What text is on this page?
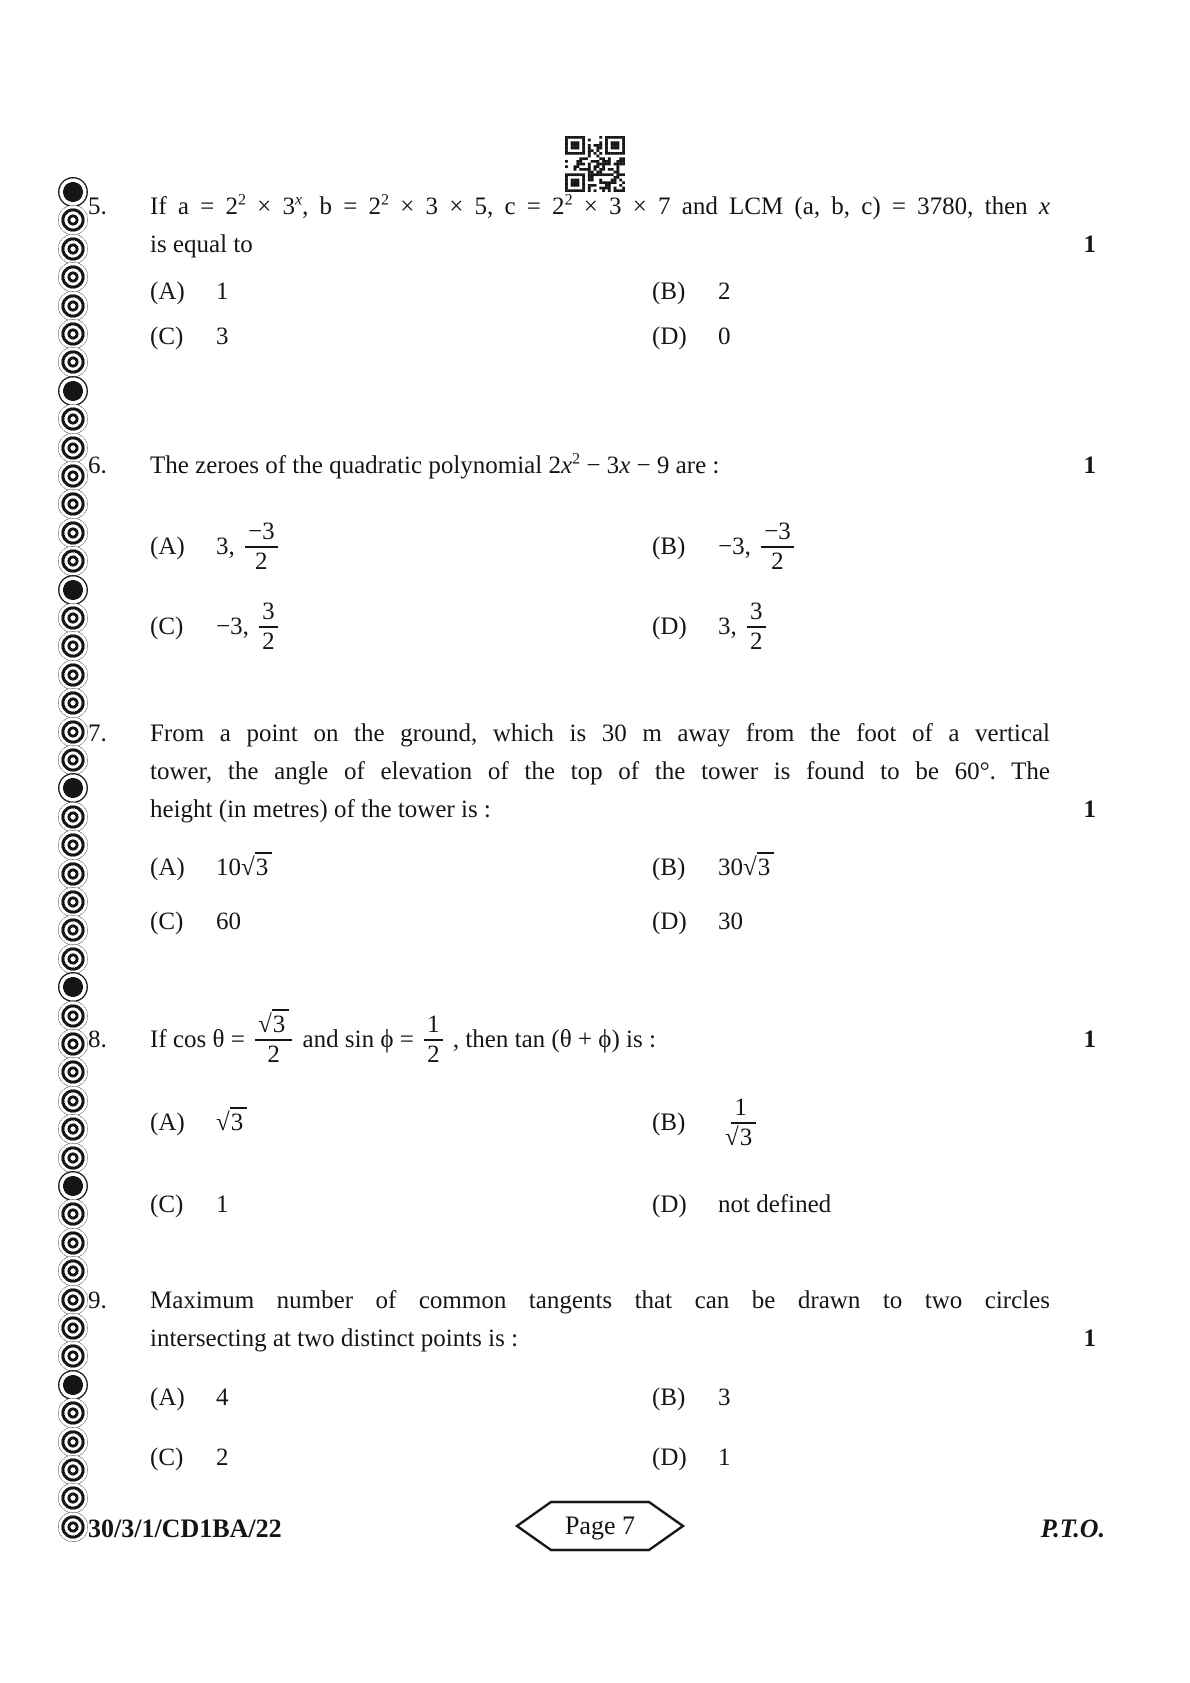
5.
1
If $a = 2^2 \times 3^x$, $b = 2^2 \times 3 \times 5$, $c = 2^2 \times 3 \times 7$ and LCM (a, b, c) = 3780, then x
is equal to
(A)	1	(B)	2
(C)	3	(D)	0
6.	1
The zeroes of the quadratic polynomial $2x^2 - 3x - 9$ are :
(A)	3, $\frac{-3}{2}$	(B)	−3, $\frac{-3}{2}$
(C)	−3, $\frac{3}{2}$	(D)	3, $\frac{3}{2}$
7.
1
From a point on the ground, which is 30 m away from the foot of a vertical
tower, the angle of elevation of the top of the tower is found to be 60°. The
height (in metres) of the tower is :
(A)	10 √3	(B)	30 √3
(C)	60	(D)	30
8.	1
If $\cos \theta = \frac{√3}{2}$ and $\sin \phi = \frac{1}{2}$ , then tan (θ + ϕ) is :
(A)	√3	(B)	$\frac{1}{√3}$
(C)	1	(D)	not defined
9.
1
Maximum number of common tangents that can be drawn to two circles
intersecting at two distinct points is :
(A)	4	(B)	3
(C)	2	(D)	1
30/3/1/CD1BA/22	Page 7	P.T.O.
